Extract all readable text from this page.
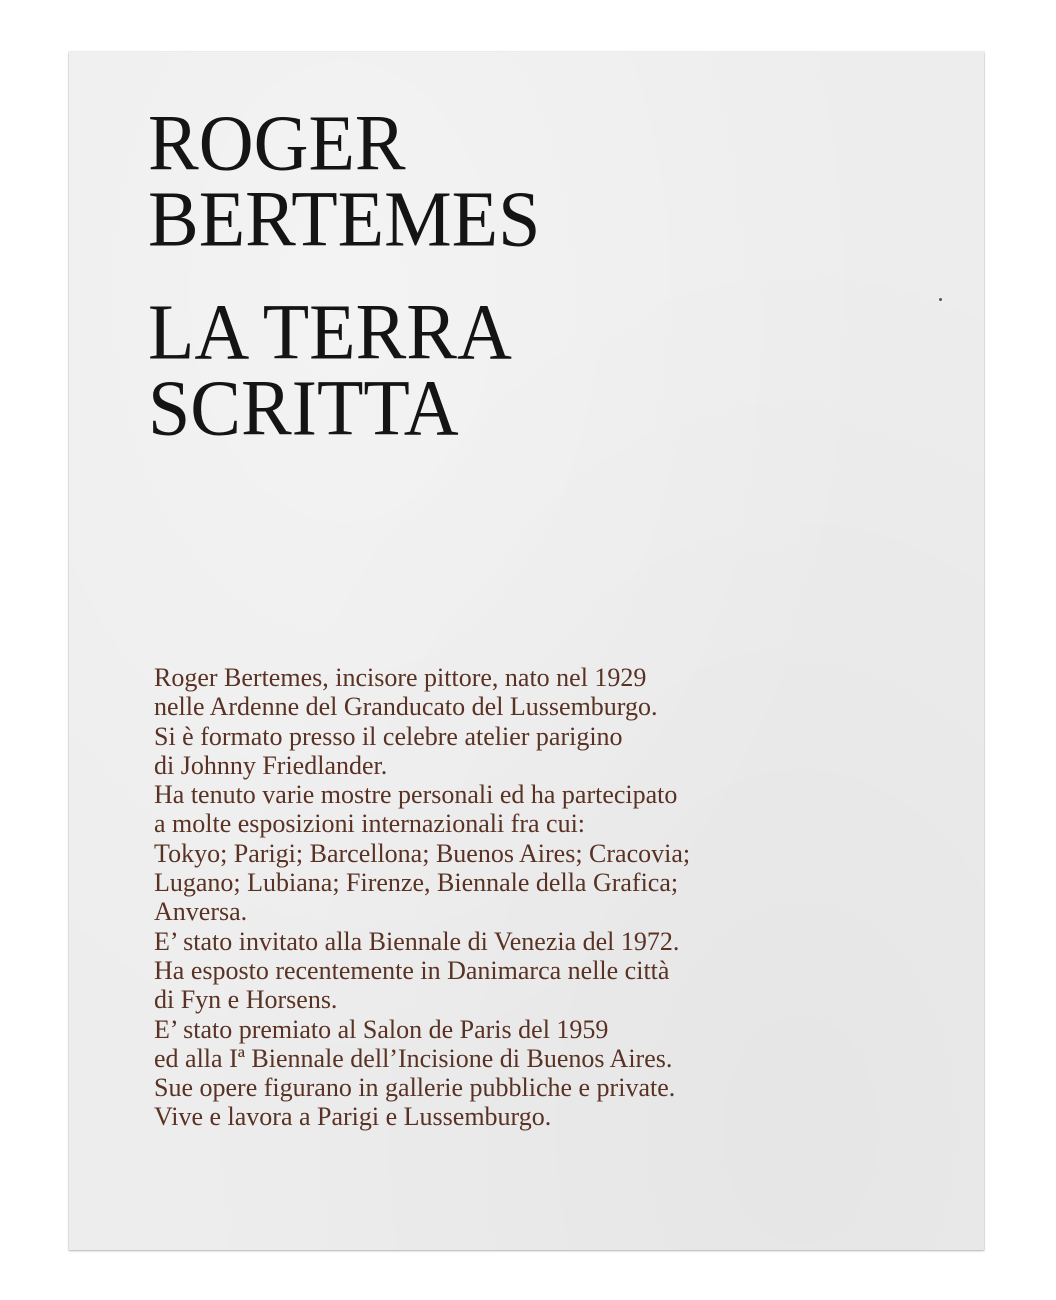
ROGER
BERTEMES
LA TERRA
SCRITTA
Roger Bertemes, incisore pittore, nato nel 1929
nelle Ardenne del Granducato del Lussemburgo.
Si è formato presso il celebre atelier parigino
di Johnny Friedlander.
Ha tenuto varie mostre personali ed ha partecipato
a molte esposizioni internazionali fra cui:
Tokyo; Parigi; Barcellona; Buenos Aires; Cracovia;
Lugano; Lubiana; Firenze, Biennale della Grafica;
Anversa.
E’ stato invitato alla Biennale di Venezia del 1972.
Ha esposto recentemente in Danimarca nelle città
di Fyn e Horsens.
E’ stato premiato al Salon de Paris del 1959
ed alla Iª Biennale dell’Incisione di Buenos Aires.
Sue opere figurano in gallerie pubbliche e private.
Vive e lavora a Parigi e Lussemburgo.
